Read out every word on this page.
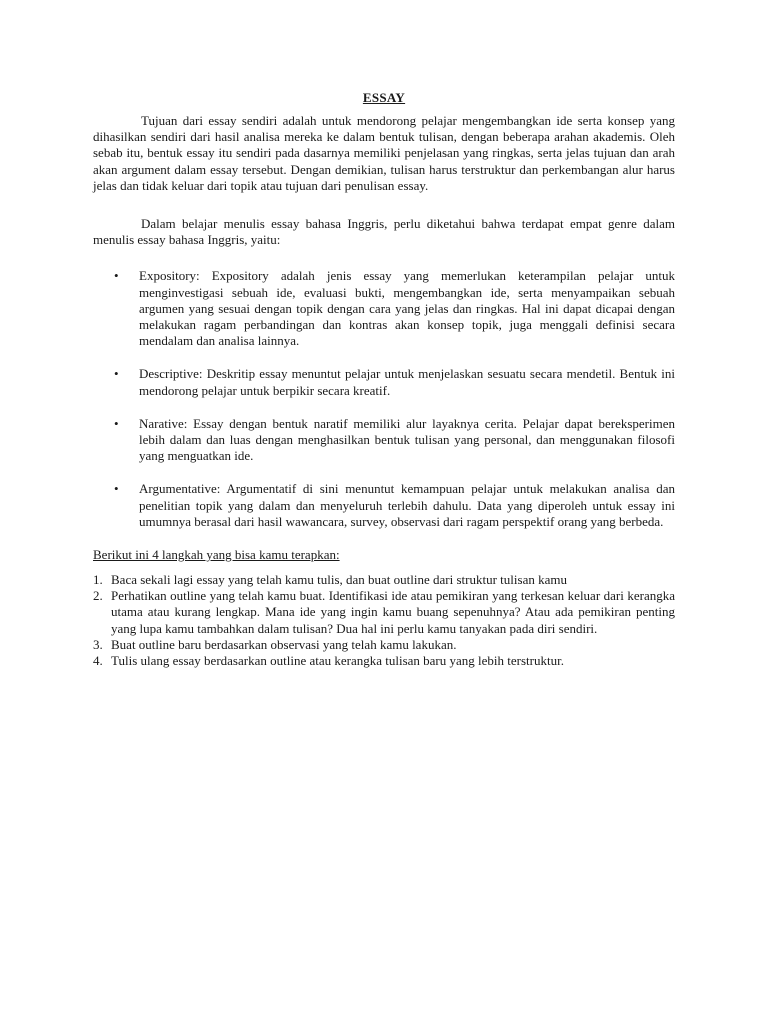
ESSAY

Tujuan dari essay sendiri adalah untuk mendorong pelajar mengembangkan ide serta konsep yang dihasilkan sendiri dari hasil analisa mereka ke dalam bentuk tulisan, dengan beberapa arahan akademis. Oleh sebab itu, bentuk essay itu sendiri pada dasarnya memiliki penjelasan yang ringkas, serta jelas tujuan dan arah akan argument dalam essay tersebut. Dengan demikian, tulisan harus terstruktur dan perkembangan alur harus jelas dan tidak keluar dari topik atau tujuan dari penulisan essay.

Dalam belajar menulis essay bahasa Inggris, perlu diketahui bahwa terdapat empat genre dalam menulis essay bahasa Inggris, yaitu:

• Expository: Expository adalah jenis essay yang memerlukan keterampilan pelajar untuk menginvestigasi sebuah ide, evaluasi bukti, mengembangkan ide, serta menyampaikan sebuah argumen yang sesuai dengan topik dengan cara yang jelas dan ringkas. Hal ini dapat dicapai dengan melakukan ragam perbandingan dan kontras akan konsep topik, juga menggali definisi secara mendalam dan analisa lainnya.
• Descriptive: Deskritip essay menuntut pelajar untuk menjelaskan sesuatu secara mendetil. Bentuk ini mendorong pelajar untuk berpikir secara kreatif.
• Narative: Essay dengan bentuk naratif memiliki alur layaknya cerita. Pelajar dapat bereksperimen lebih dalam dan luas dengan menghasilkan bentuk tulisan yang personal, dan menggunakan filosofi yang menguatkan ide.
• Argumentative: Argumentatif di sini menuntut kemampuan pelajar untuk melakukan analisa dan penelitian topik yang dalam dan menyeluruh terlebih dahulu. Data yang diperoleh untuk essay ini umumnya berasal dari hasil wawancara, survey, observasi dari ragam perspektif orang yang berbeda.
Berikut ini 4 langkah yang bisa kamu terapkan:
1. Baca sekali lagi essay yang telah kamu tulis, dan buat outline dari struktur tulisan kamu
2. Perhatikan outline yang telah kamu buat. Identifikasi ide atau pemikiran yang terkesan keluar dari kerangka utama atau kurang lengkap. Mana ide yang ingin kamu buang sepenuhnya? Atau ada pemikiran penting yang lupa kamu tambahkan dalam tulisan? Dua hal ini perlu kamu tanyakan pada diri sendiri.
3. Buat outline baru berdasarkan observasi yang telah kamu lakukan.
4. Tulis ulang essay berdasarkan outline atau kerangka tulisan baru yang lebih terstruktur.
